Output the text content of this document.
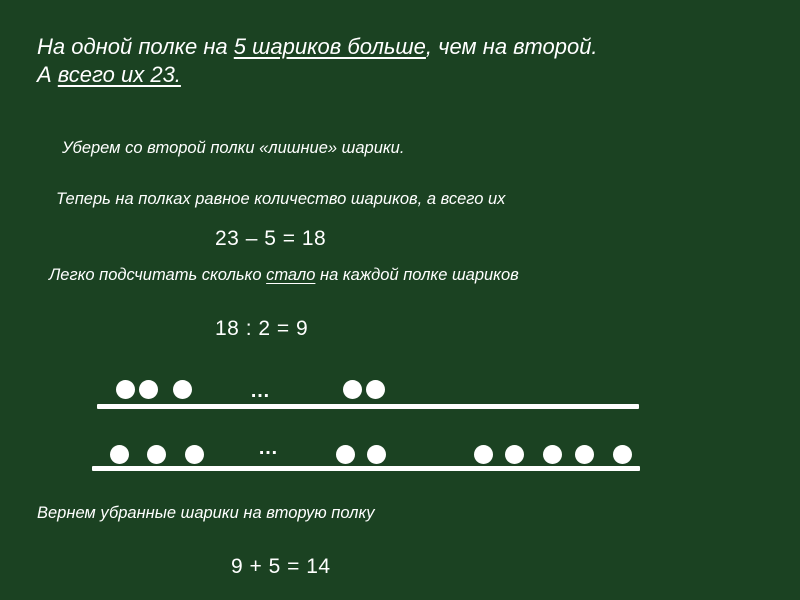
На одной полке на 5 шариков больше, чем на второй.
А всего их 23.
Уберем со второй полки «лишние» шарики.
Теперь на полках равное количество шариков, а всего их
23 – 5 = 18
Легко подсчитать сколько стало на каждой полке шариков
18 : 2 = 9
…
…
Вернем убранные шарики на вторую полку
9 + 5 = 14
